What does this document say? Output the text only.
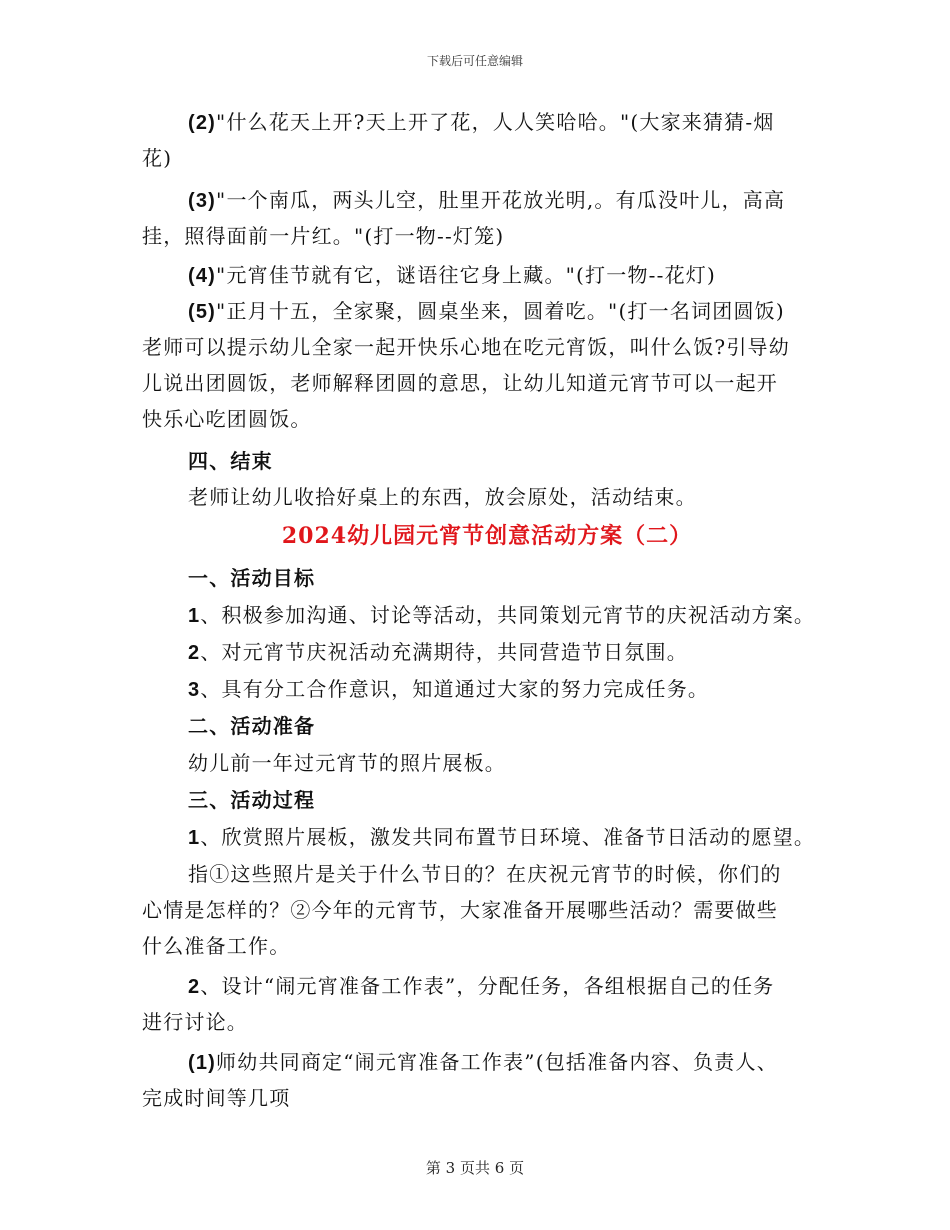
下载后可任意编辑
(2)"什么花天上开?天上开了花，人人笑哈哈。"(大家来猜猜-烟
花)
(3)"一个南瓜，两头儿空，肚里开花放光明,。有瓜没叶儿，高高
挂，照得面前一片红。"(打一物--灯笼)
(4)"元宵佳节就有它，谜语往它身上藏。"(打一物--花灯)
(5)"正月十五，全家聚，圆桌坐来，圆着吃。"(打一名词团圆饭)
老师可以提示幼儿全家一起开快乐心地在吃元宵饭，叫什么饭?引导幼
儿说出团圆饭，老师解释团圆的意思，让幼儿知道元宵节可以一起开
快乐心吃团圆饭。
四、结束
老师让幼儿收拾好桌上的东西，放会原处，活动结束。
2024幼儿园元宵节创意活动方案（二）
一、活动目标
1、积极参加沟通、讨论等活动，共同策划元宵节的庆祝活动方案。
2、对元宵节庆祝活动充满期待，共同营造节日氛围。
3、具有分工合作意识，知道通过大家的努力完成任务。
二、活动准备
幼儿前一年过元宵节的照片展板。
三、活动过程
1、欣赏照片展板，激发共同布置节日环境、准备节日活动的愿望。
指①这些照片是关于什么节日的？在庆祝元宵节的时候，你们的
心情是怎样的？②今年的元宵节，大家准备开展哪些活动？需要做些
什么准备工作。
2、设计“闹元宵准备工作表”，分配任务，各组根据自己的任务
进行讨论。
(1)师幼共同商定“闹元宵准备工作表”(包括准备内容、负责人、
完成时间等几项
第 3 页共 6 页
